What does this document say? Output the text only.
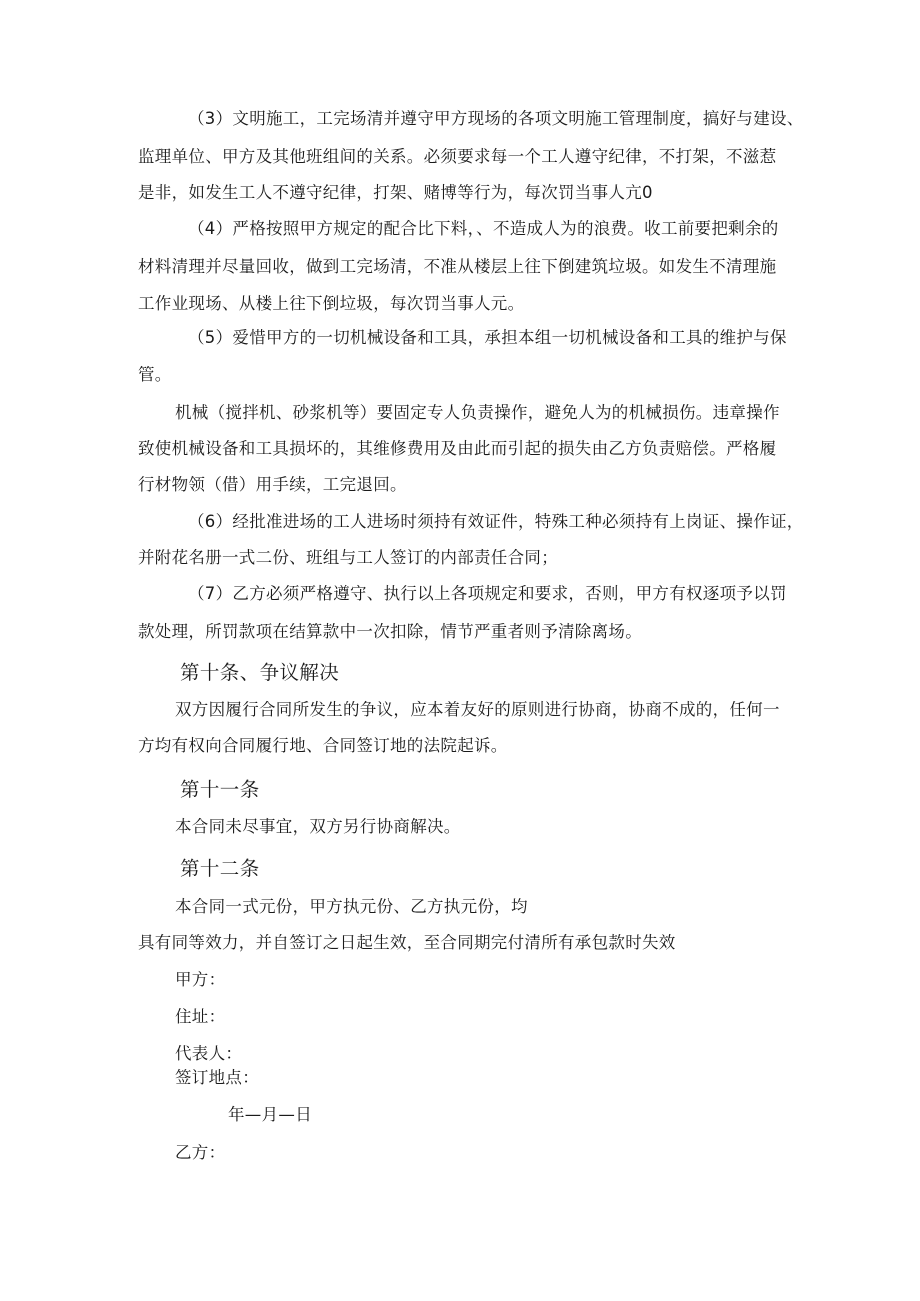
（3）文明施工，工完场清并遵守甲方现场的各项文明施工管理制度，搞好与建设、
监理单位、甲方及其他班组间的关系。必须要求每一个工人遵守纪律，不打架，不滋惹
是非，如发生工人不遵守纪律，打架、赌博等行为，每次罚当事人亢0
（4）严格按照甲方规定的配合比下料，、不造成人为的浪费。收工前要把剩余的
材料清理并尽量回收，做到工完场清，不准从楼层上往下倒建筑垃圾。如发生不清理施
工作业现场、从楼上往下倒垃圾，每次罚当事人元。
（5）爱惜甲方的一切机械设备和工具，承担本组一切机械设备和工具的维护与保
管。
机械（搅拌机、砂浆机等）要固定专人负责操作，避免人为的机械损伤。违章操作
致使机械设备和工具损坏的，其维修费用及由此而引起的损失由乙方负责赔偿。严格履
行材物领（借）用手续，工完退回。
（6）经批准进场的工人进场时须持有效证件，特殊工种必须持有上岗证、操作证，
并附花名册一式二份、班组与工人签订的内部责任合同；
（7）乙方必须严格遵守、执行以上各项规定和要求，否则，甲方有权逐项予以罚
款处理，所罚款项在结算款中一次扣除，情节严重者则予清除离场。
第十条、争议解决
双方因履行合同所发生的争议，应本着友好的原则进行协商，协商不成的，任何一
方均有权向合同履行地、合同签订地的法院起诉。
第十一条
本合同未尽事宜，双方另行协商解决。
第十二条
本合同一式元份，甲方执元份、乙方执元份，均
具有同等效力，并自签订之日起生效，至合同期完付清所有承包款时失效
甲方：
住址：
代表人：
签订地点：
年—月—日
乙方：
